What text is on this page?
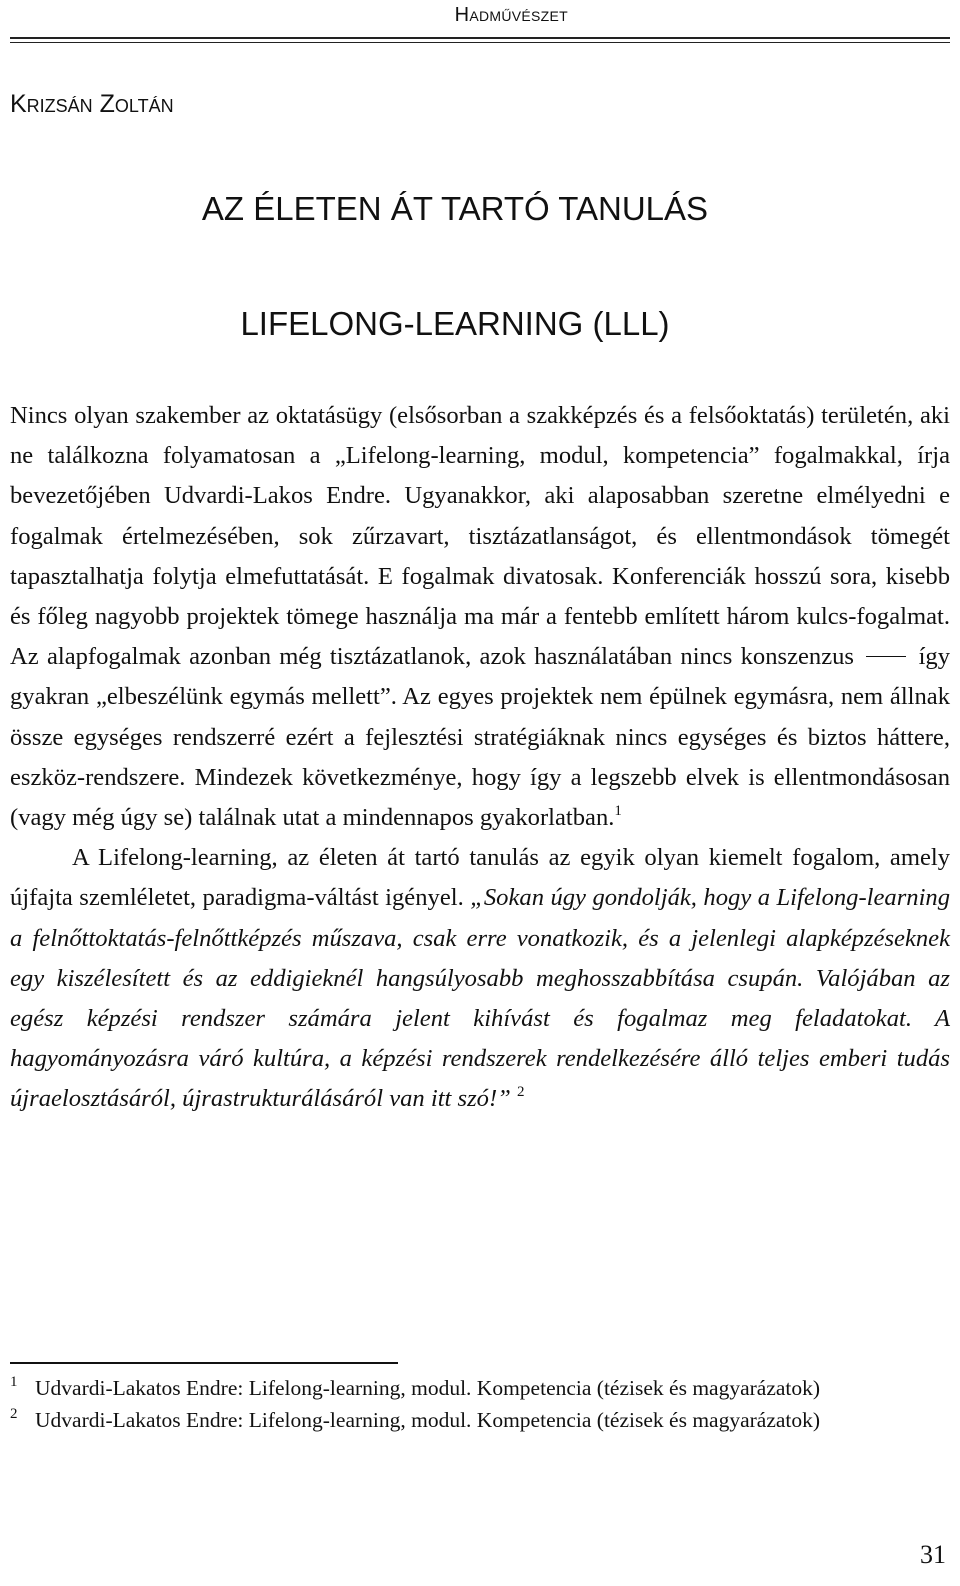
Hadművészet
Krizsán Zoltán
AZ ÉLETEN ÁT TARTÓ TANULÁS
LIFELONG-LEARNING (LLL)

Nincs olyan szakember az oktatásügy (elsősorban a szakképzés és a felsőoktatás) területén, aki ne találkozna folyamatosan a „Lifelong-learning, modul, kompetencia” fogalmakkal, írja bevezetőjében Udvardi-Lakos Endre. Ugyanakkor, aki alaposabban szeretne elmélyedni e fogalmak értelmezésében, sok zűrzavart, tisztázatlanságot, és ellentmondások tömegét tapasztalhatja folytja elmefuttatását. E fogalmak divatosak. Konferenciák hosszú sora, kisebb és főleg nagyobb projektek tömege használja ma már a fentebb említett három kulcs-fogalmat. Az alapfogalmak azonban még tisztázatlanok, azok használatában nincs konszenzus	így gyakran „elbeszélünk egymás mellett”. Az egyes projektek nem épülnek egymásra, nem állnak össze egységes rendszerré ezért a fejlesztési stratégiáknak nincs egységes és biztos háttere, eszköz-rendszere. Mindezek következménye, hogy így a legszebb elvek is ellentmondásosan (vagy még úgy se) találnak utat a mindennapos gyakorlatban.$^1$

A Lifelong-learning, az életen át tartó tanulás az egyik olyan kiemelt fogalom, amely újfajta szemléletet, paradigma-váltást igényel. „Sokan úgy gondolják, hogy a Lifelong-learning a felnőttoktatás-felnőttképzés műszava, csak erre vonatkozik, és a jelenlegi alapképzéseknek egy kiszélesített és az eddigieknél hangsúlyosabb meghosszabbítása csupán. Valójában az egész képzési rendszer számára jelent kihívást és fogalmaz meg feladatokat. A hagyományozásra váró kultúra, a képzési rendszerek rendelkezésére álló teljes emberi tudás újraelosztásáról, újrastrukturálásáról van itt szó!” $^2$

1 Udvardi-Lakatos Endre: Lifelong-learning, modul. Kompetencia (tézisek és magyarázatok)
2 Udvardi-Lakatos Endre: Lifelong-learning, modul. Kompetencia (tézisek és magyarázatok)
31
